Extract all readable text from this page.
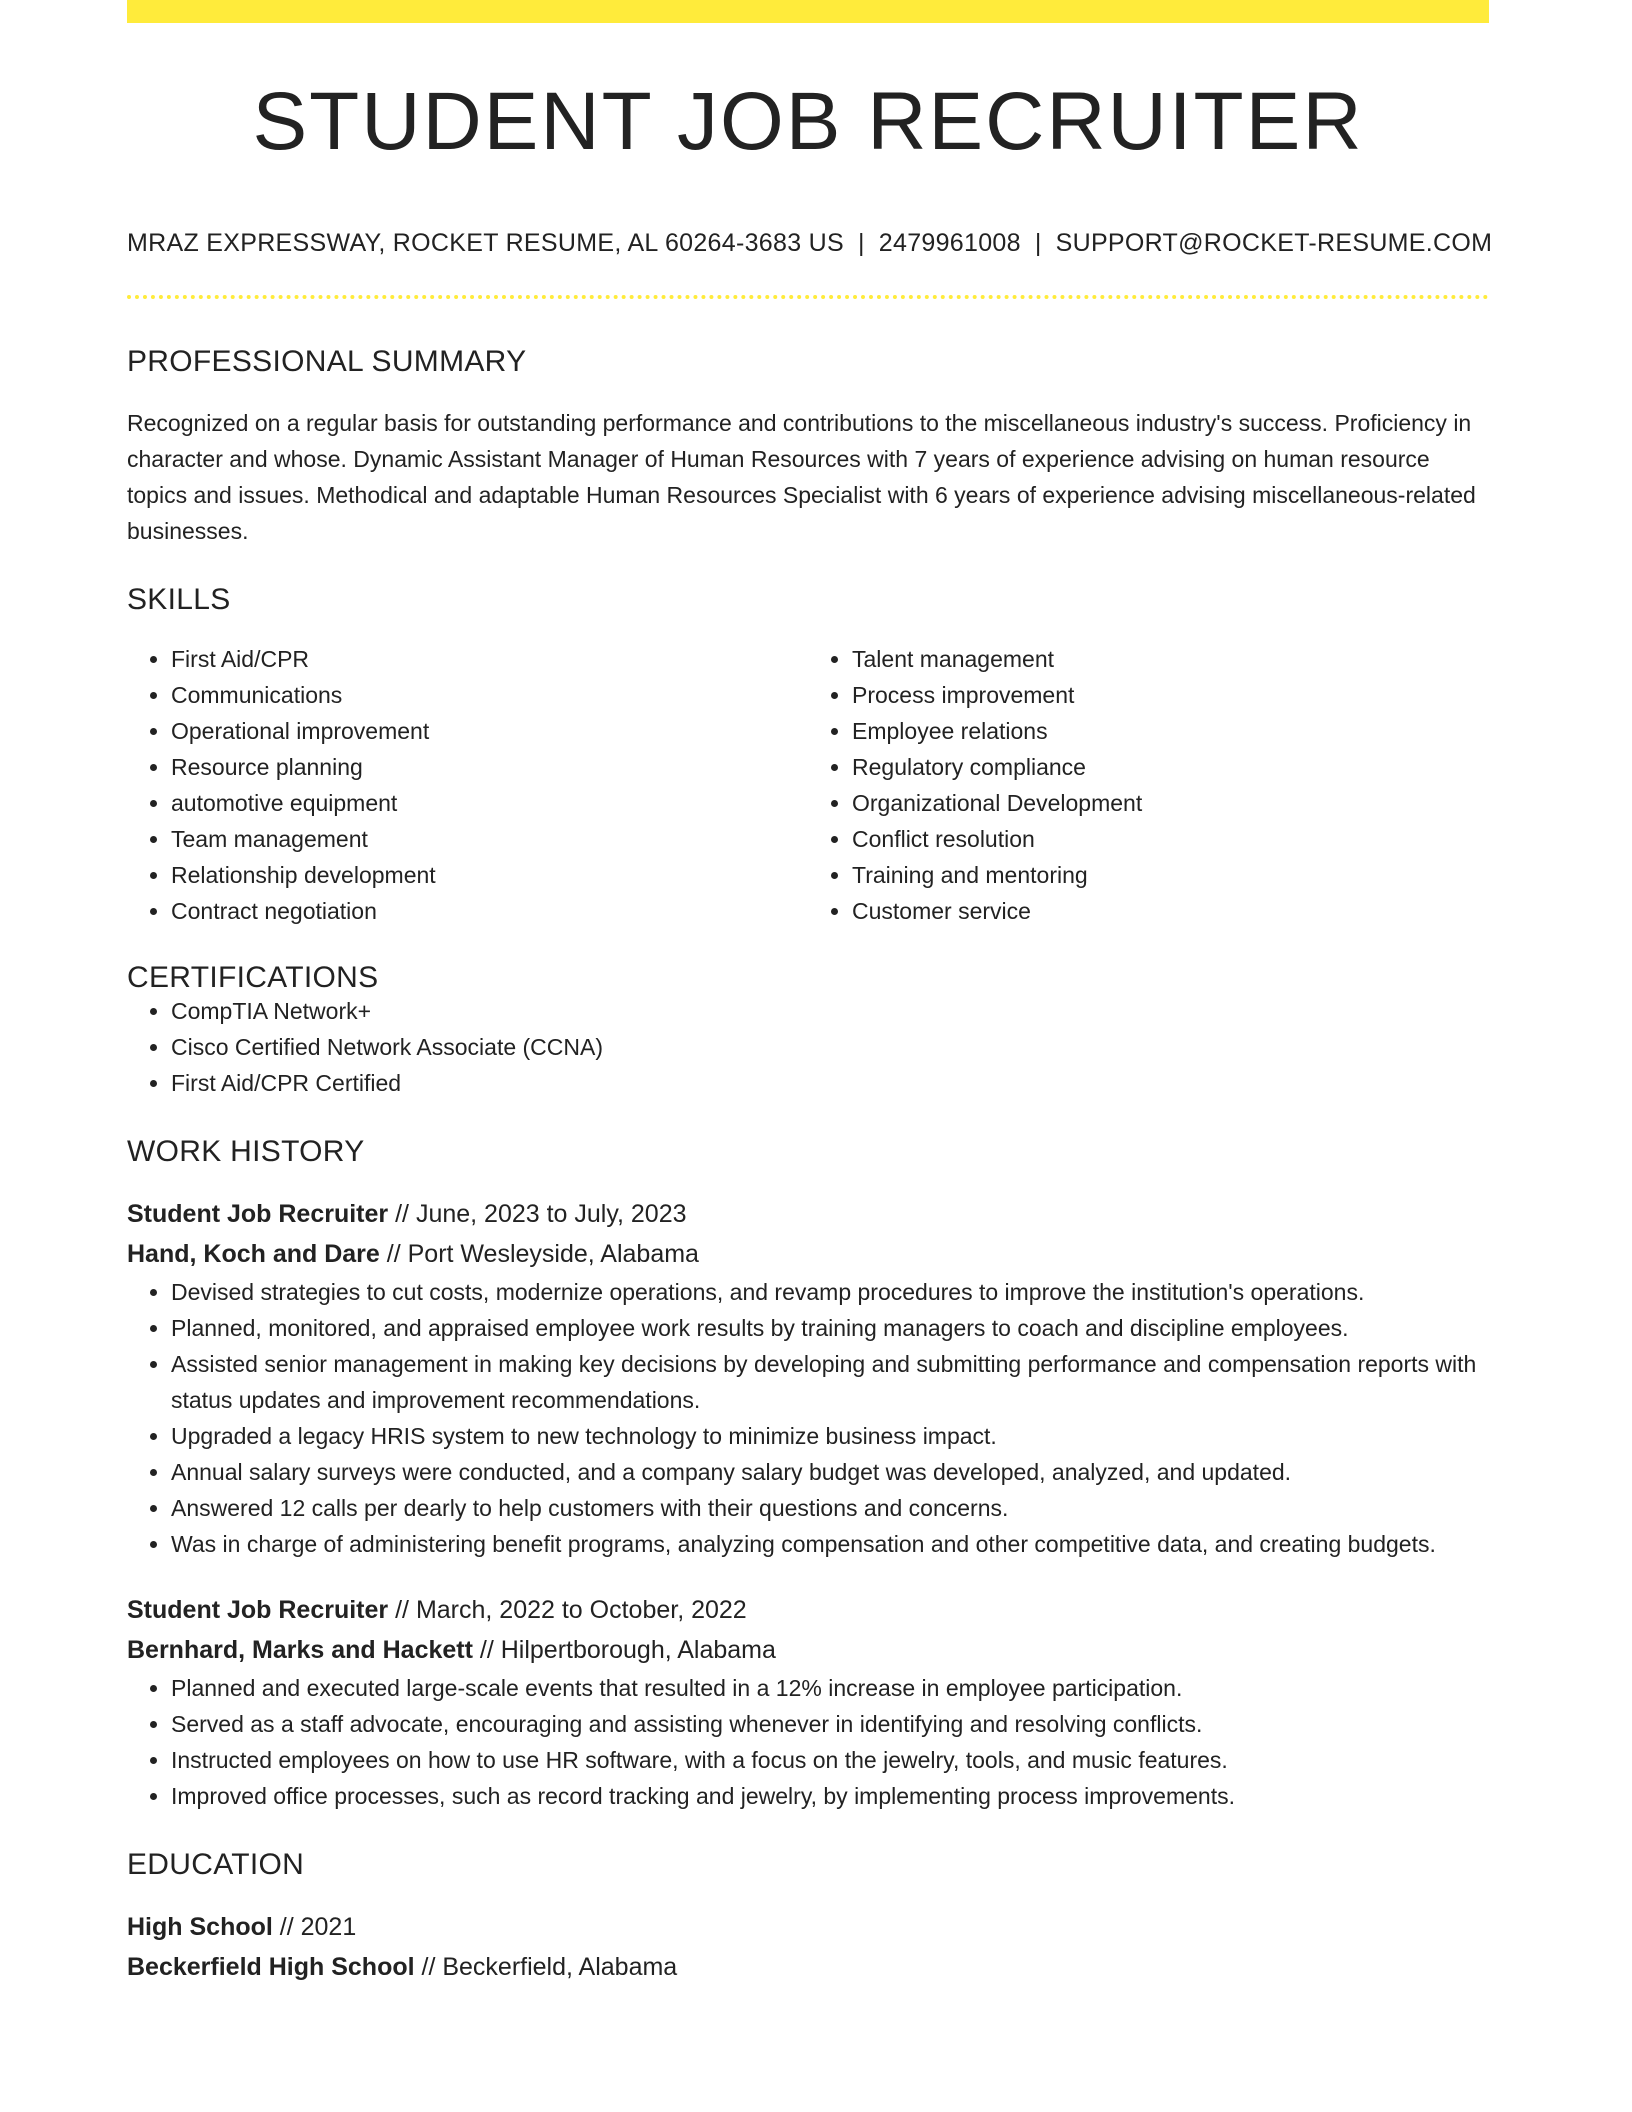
STUDENT JOB RECRUITER
MRAZ EXPRESSWAY, ROCKET RESUME, AL 60264-3683 US | 2479961008 | SUPPORT@ROCKET-RESUME.COM
PROFESSIONAL SUMMARY
Recognized on a regular basis for outstanding performance and contributions to the miscellaneous industry's success. Proficiency in character and whose. Dynamic Assistant Manager of Human Resources with 7 years of experience advising on human resource topics and issues. Methodical and adaptable Human Resources Specialist with 6 years of experience advising miscellaneous-related businesses.
SKILLS
• First Aid/CPR
• Communications
• Operational improvement
• Resource planning
• automotive equipment
• Team management
• Relationship development
• Contract negotiation
• Talent management
• Process improvement
• Employee relations
• Regulatory compliance
• Organizational Development
• Conflict resolution
• Training and mentoring
• Customer service
CERTIFICATIONS
• CompTIA Network+
• Cisco Certified Network Associate (CCNA)
• First Aid/CPR Certified
WORK HISTORY
Student Job Recruiter // June, 2023 to July, 2023
Hand, Koch and Dare // Port Wesleyside, Alabama
• Devised strategies to cut costs, modernize operations, and revamp procedures to improve the institution's operations.
• Planned, monitored, and appraised employee work results by training managers to coach and discipline employees.
• Assisted senior management in making key decisions by developing and submitting performance and compensation reports with status updates and improvement recommendations.
• Upgraded a legacy HRIS system to new technology to minimize business impact.
• Annual salary surveys were conducted, and a company salary budget was developed, analyzed, and updated.
• Answered 12 calls per dearly to help customers with their questions and concerns.
• Was in charge of administering benefit programs, analyzing compensation and other competitive data, and creating budgets.
Student Job Recruiter // March, 2022 to October, 2022
Bernhard, Marks and Hackett // Hilpertborough, Alabama
• Planned and executed large-scale events that resulted in a 12% increase in employee participation.
• Served as a staff advocate, encouraging and assisting whenever in identifying and resolving conflicts.
• Instructed employees on how to use HR software, with a focus on the jewelry, tools, and music features.
• Improved office processes, such as record tracking and jewelry, by implementing process improvements.
EDUCATION
High School // 2021
Beckerfield High School // Beckerfield, Alabama
